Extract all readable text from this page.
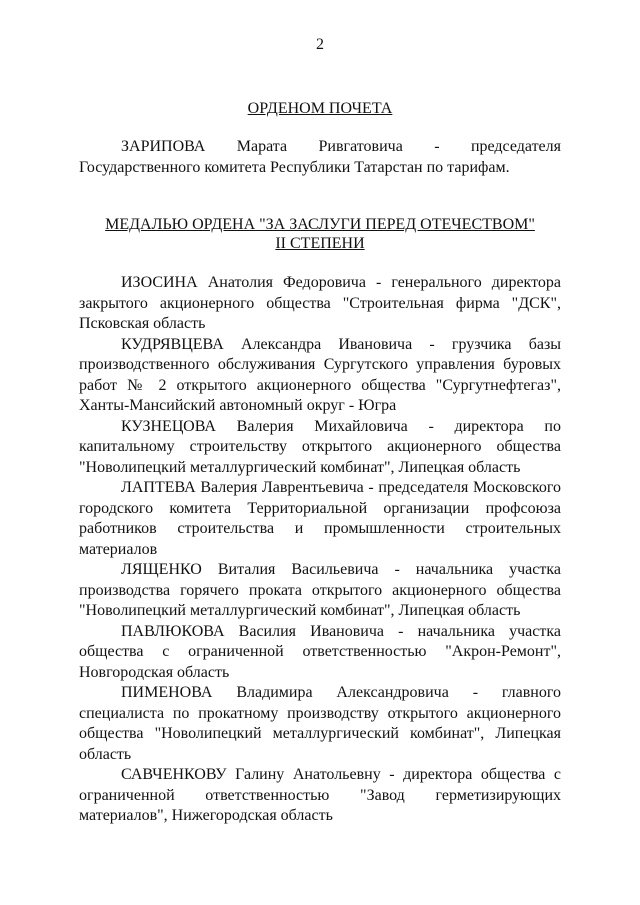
2
ОРДЕНОМ ПОЧЕТА

ЗАРИПОВА Марата Ривгатовича - председателя Государственного комитета Республики Татарстан по тарифам.

МЕДАЛЬЮ ОРДЕНА "ЗА ЗАСЛУГИ ПЕРЕД ОТЕЧЕСТВОМ"
II СТЕПЕНИ

ИЗОСИНА Анатолия Федоровича - генерального директора закрытого акционерного общества "Строительная фирма "ДСК", Псковская область

КУДРЯВЦЕВА Александра Ивановича - грузчика базы производственного обслуживания Сургутского управления буровых работ № 2 открытого акционерного общества "Сургутнефтегаз", Ханты-Мансийский автономный округ - Югра

КУЗНЕЦОВА Валерия Михайловича - директора по капитальному строительству открытого акционерного общества "Новолипецкий металлургический комбинат", Липецкая область

ЛАПТЕВА Валерия Лаврентьевича - председателя Московского городского комитета Территориальной организации профсоюза работников строительства и промышленности строительных материалов

ЛЯЩЕНКО Виталия Васильевича - начальника участка производства горячего проката открытого акционерного общества "Новолипецкий металлургический комбинат", Липецкая область

ПАВЛЮКОВА Василия Ивановича - начальника участка общества с ограниченной ответственностью "Акрон-Ремонт", Новгородская область

ПИМЕНОВА Владимира Александровича - главного специалиста по прокатному производству открытого акционерного общества "Новолипецкий металлургический комбинат", Липецкая область

САВЧЕНКОВУ Галину Анатольевну - директора общества с ограниченной ответственностью "Завод герметизирующих материалов", Нижегородская область
